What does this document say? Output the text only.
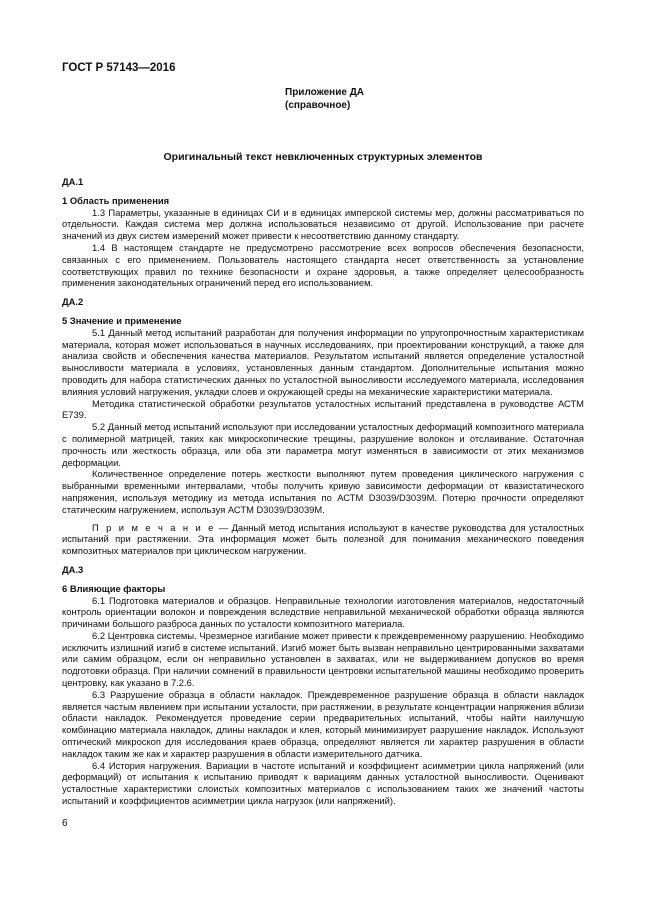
ГОСТ Р 57143—2016
Приложение ДА
(справочное)
Оригинальный текст невключенных структурных элементов
ДА.1
1 Область применения

1.3 Параметры, указанные в единицах СИ и в единицах имперской системы мер, должны рассматриваться по отдельности. Каждая система мер должна использоваться независимо от другой. Использование при расчете значений из двух систем измерений может привести к несоответствию данному стандарту.

1.4 В настоящем стандарте не предусмотрено рассмотрение всех вопросов обеспечения безопасности, связанных с его применением. Пользователь настоящего стандарта несет ответственность за установление соответствующих правил по технике безопасности и охране здоровья, а также определяет целесообразность применения законодательных ограничений перед его использованием.

ДА.2
5 Значение и применение

5.1 Данный метод испытаний разработан для получения информации по упругопрочностным характеристикам материала, которая может использоваться в научных исследованиях, при проектировании конструкций, а также для анализа свойств и обеспечения качества материалов. Результатом испытаний является определение усталостной выносливости материала в условиях, установленных данным стандартом. Дополнительные испытания можно проводить для набора статистических данных по усталостной выносливости исследуемого материала, исследования влияния условий нагружения, укладки слоев и окружающей среды на механические характеристики материала.

Методика статистической обработки результатов усталостных испытаний представлена в руководстве АСТМ Е739.

5.2 Данный метод испытаний используют при исследовании усталостных деформаций композитного материала с полимерной матрицей, таких как микроскопические трещины, разрушение волокон и отслаивание. Остаточная прочность или жесткость образца, или оба эти параметра могут изменяться в зависимости от этих механизмов деформации.

Количественное определение потерь жесткости выполняют путем проведения циклического нагружения с выбранными временными интервалами, чтобы получить кривую зависимости деформации от квазистатического напряжения, используя методику из метода испытания по АСТМ D3039/D3039M. Потерю прочности определяют статическим нагружением, используя АСТМ D3039/D3039M.

П р и м е ч а н и е — Данный метод испытания используют в качестве руководства для усталостных испытаний при растяжении. Эта информация может быть полезной для понимания механического поведения композитных материалов при циклическом нагружении.

ДА.3
6 Влияющие факторы

6.1 Подготовка материалов и образцов. Неправильные технологии изготовления материалов, недостаточный контроль ориентации волокон и повреждения вследствие неправильной механической обработки образца являются причинами большого разброса данных по усталости композитного материала.

6.2 Центровка системы. Чрезмерное изгибание может привести к преждевременному разрушению. Необходимо исключить излишний изгиб в системе испытаний. Изгиб может быть вызван неправильно центрированными захватами или самим образцом, если он неправильно установлен в захватах, или не выдерживанием допусков во время подготовки образца. При наличии сомнений в правильности центровки испытательной машины необходимо проверить центровку, как указано в 7.2.6.

6.3 Разрушение образца в области накладок. Преждевременное разрушение образца в области накладок является частым явлением при испытании усталости, при растяжении, в результате концентрации напряжения вблизи области накладок. Рекомендуется проведение серии предварительных испытаний, чтобы найти наилучшую комбинацию материала накладок, длины накладок и клея, который минимизирует разрушение накладок. Используют оптический микроскоп для исследования краев образца, определяют является ли характер разрушения в области накладок таким же как и характер разрушения в области измерительного датчика.

6.4 История нагружения. Вариации в частоте испытаний и коэффициент асимметрии цикла напряжений (или деформаций) от испытания к испытанию приводят к вариациям данных усталостной выносливости. Оценивают усталостные характеристики слоистых композитных материалов с использованием таких же значений частоты испытаний и коэффициентов асимметрии цикла нагрузок (или напряжений).

6
